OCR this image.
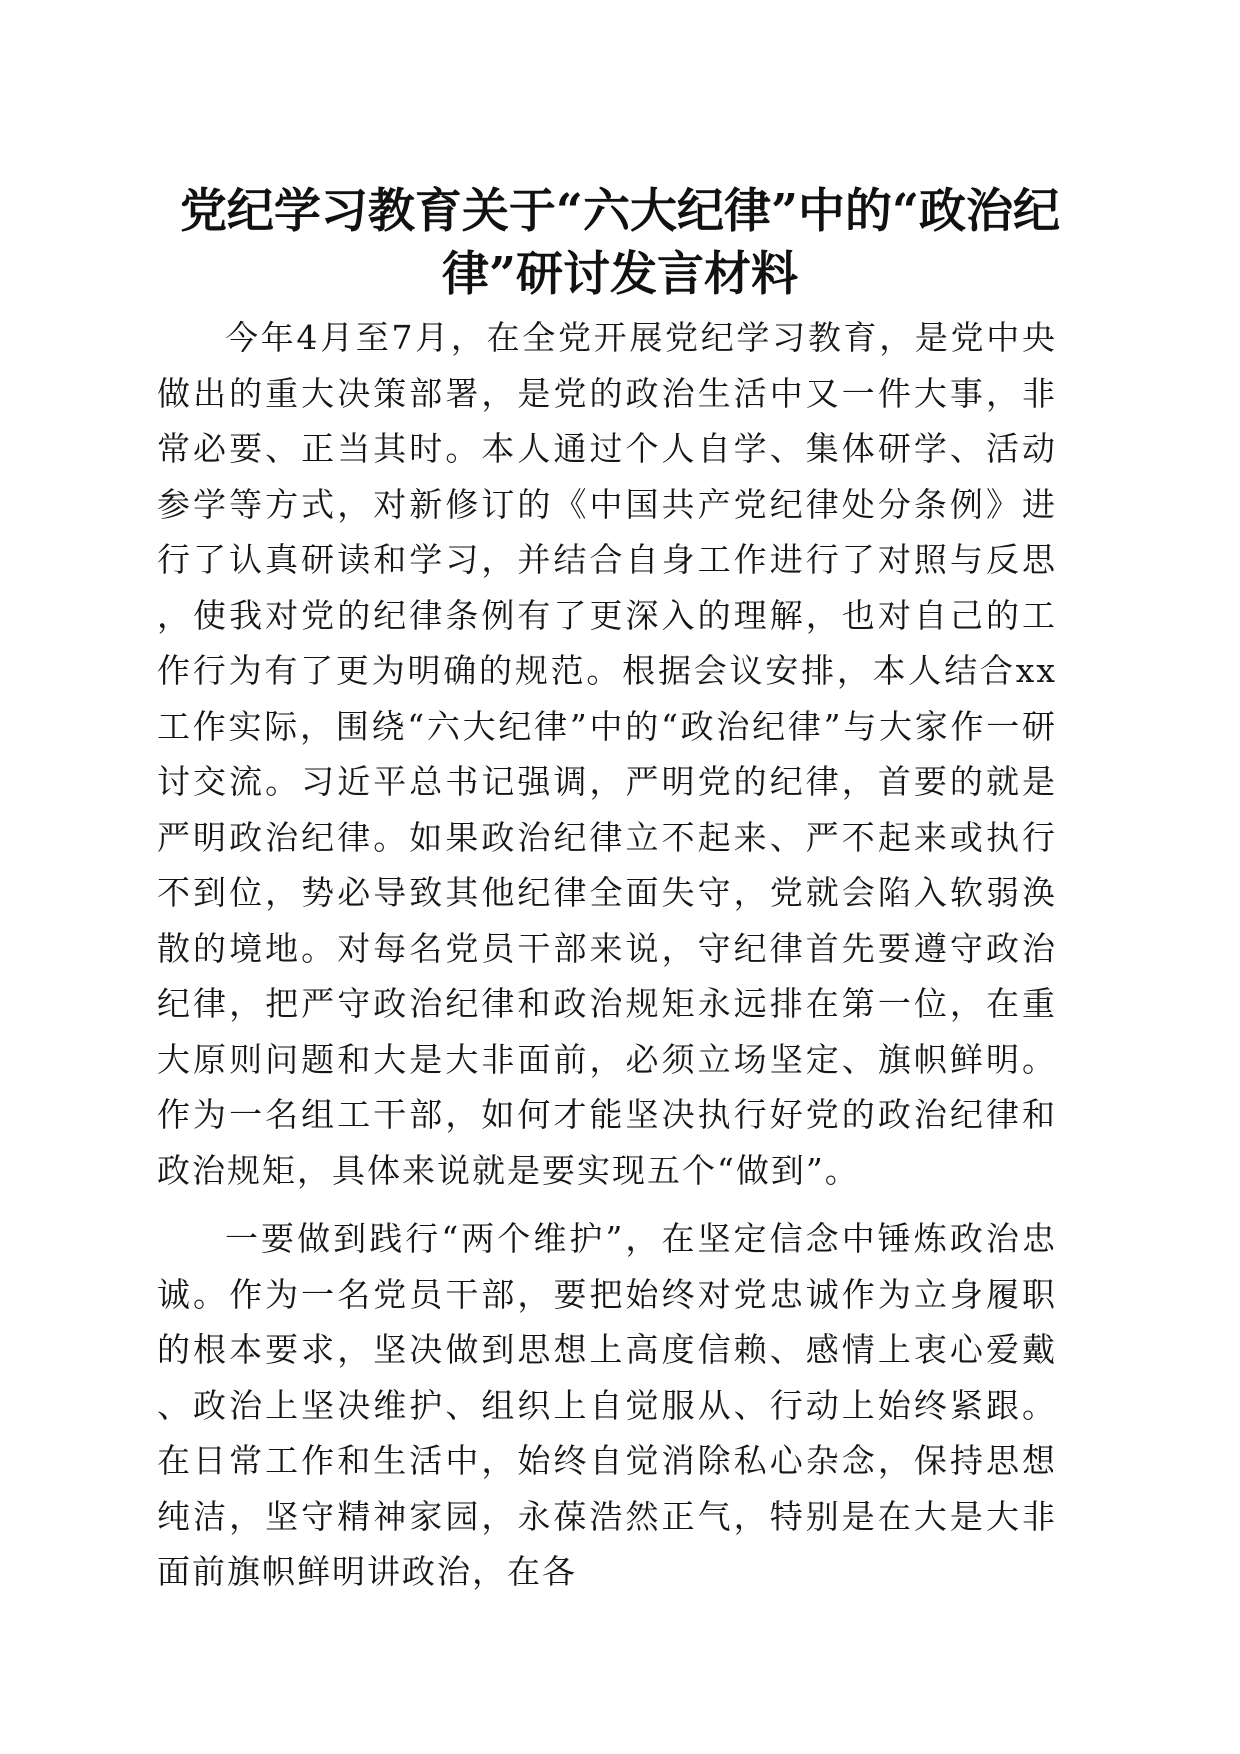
党纪学习教育关于“六大纪律”中的“政治纪律”研讨发言材料

今年4月至7月，在全党开展党纪学习教育，是党中央做出的重大决策部署，是党的政治生活中又一件大事，非常必要、正当其时。本人通过个人自学、集体研学、活动参学等方式，对新修订的《中国共产党纪律处分条例》进行了认真研读和学习，并结合自身工作进行了对照与反思，使我对党的纪律条例有了更深入的理解，也对自己的工作行为有了更为明确的规范。根据会议安排，本人结合xx工作实际，围绕“六大纪律”中的“政治纪律”与大家作一研讨交流。习近平总书记强调，严明党的纪律，首要的就是严明政治纪律。如果政治纪律立不起来、严不起来或执行不到位，势必导致其他纪律全面失守，党就会陷入软弱涣散的境地。对每名党员干部来说，守纪律首先要遵守政治纪律，把严守政治纪律和政治规矩永远排在第一位，在重大原则问题和大是大非面前，必须立场坚定、旗帜鲜明。作为一名组工干部，如何才能坚决执行好党的政治纪律和政治规矩，具体来说就是要实现五个“做到”。

一要做到践行“两个维护”，在坚定信念中锤炼政治忠诚。作为一名党员干部，要把始终对党忠诚作为立身履职的根本要求，坚决做到思想上高度信赖、感情上衷心爱戴、政治上坚决维护、组织上自觉服从、行动上始终紧跟。在日常工作和生活中，始终自觉消除私心杂念，保持思想纯洁，坚守精神家园，永葆浩然正气，特别是在大是大非面前旗帜鲜明讲政治，在各
